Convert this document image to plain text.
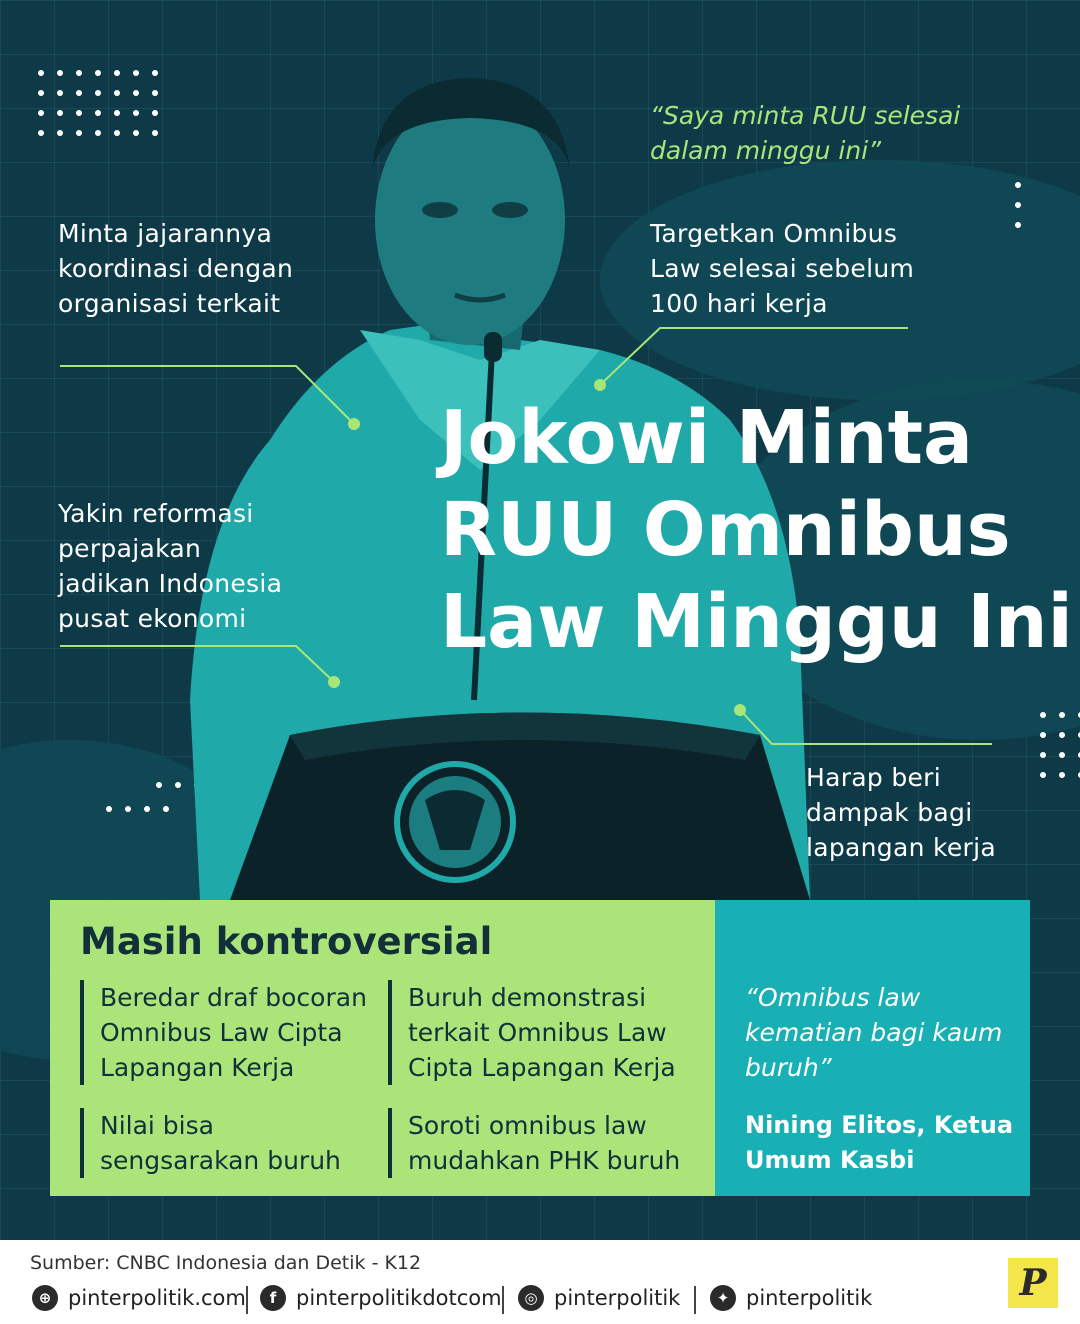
“Saya minta RUU selesai dalam minggu ini”
Minta jajarannya koordinasi dengan organisasi terkait
Yakin reformasi perpajakan jadikan Indonesia pusat ekonomi
Targetkan Omnibus Law selesai sebelum 100 hari kerja
Harap beri dampak bagi lapangan kerja
Jokowi Minta
RUU Omnibus
Law Minggu Ini
Masih kontroversial
Beredar draf bocoran Omnibus Law Cipta Lapangan Kerja
Buruh demonstrasi terkait Omnibus Law Cipta Lapangan Kerja
Nilai bisa sengsarakan buruh
Soroti omnibus law mudahkan PHK buruh
“Omnibus law kematian bagi kaum buruh”
Nining Elitos, Ketua Umum Kasbi
Sumber: CNBC Indonesia dan Detik - K12
⊕ pinterpolitik.com	f pinterpolitikdotcom	◎ pinterpolitik	✦ pinterpolitik	P
